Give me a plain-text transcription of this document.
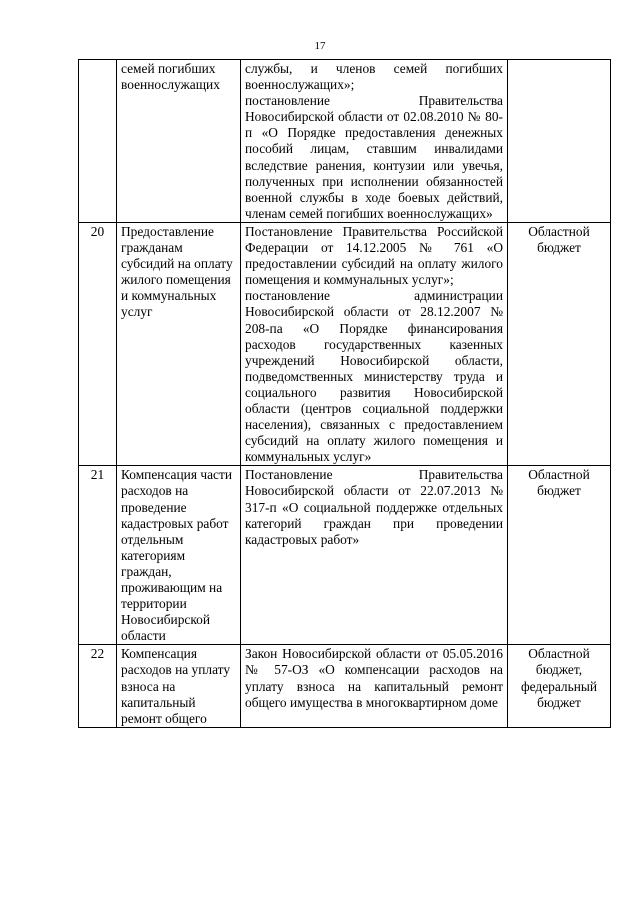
17

	семей погибших военнослужащих	службы, и членов семей погибших военнослужащих»;
постановление Правительства Новосибирской области от 02.08.2010 № 80-п «О Порядке предоставления денежных пособий лицам, ставшим инвалидами вследствие ранения, контузии или увечья, полученных при исполнении обязанностей военной службы в ходе боевых действий, членам семей погибших военнослужащих»	

20	Предоставление гражданам субсидий на оплату жилого помещения и коммунальных услуг	Постановление Правительства Российской Федерации от 14.12.2005 № 761 «О предоставлении субсидий на оплату жилого помещения и коммунальных услуг»;
постановление администрации Новосибирской области от 28.12.2007 № 208-па «О Порядке финансирования расходов государственных казенных учреждений Новосибирской области, подведомственных министерству труда и социального развития Новосибирской области (центров социальной поддержки населения), связанных с предоставлением субсидий на оплату жилого помещения и коммунальных услуг»	Областной бюджет

21	Компенсация части расходов на проведение кадастровых работ отдельным категориям граждан, проживающим на территории Новосибирской области	Постановление Правительства Новосибирской области от 22.07.2013 № 317-п «О социальной поддержке отдельных категорий граждан при проведении кадастровых работ»	Областной бюджет

22	Компенсация расходов на уплату взноса на капитальный ремонт общего	Закон Новосибирской области от 05.05.2016 № 57-ОЗ «О компенсации расходов на уплату взноса на капитальный ремонт общего имущества в многоквартирном доме	Областной бюджет, федеральный бюджет
